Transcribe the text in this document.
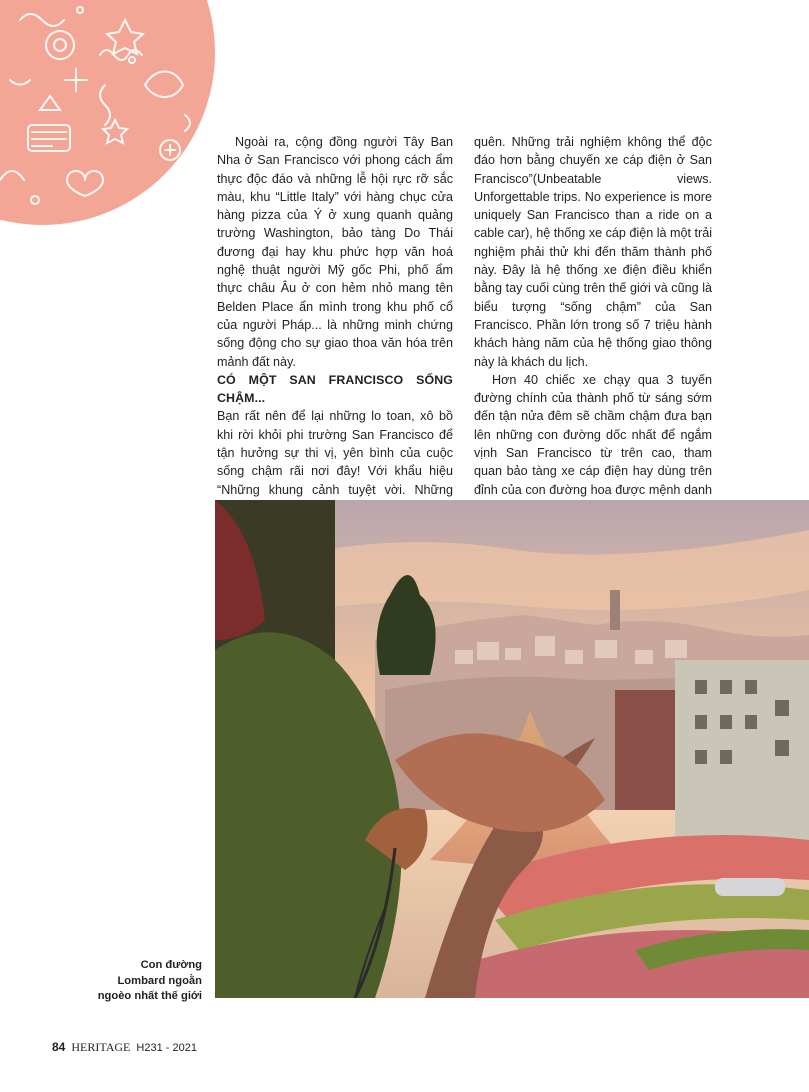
Ngoài ra, cộng đồng người Tây Ban Nha ở San Francisco với phong cách ẩm thực độc đáo và những lễ hội rực rỡ sắc màu, khu “Little Italy” với hàng chục cửa hàng pizza của Ý ở xung quanh quảng trường Washington, bảo tàng Do Thái đương đại hay khu phức hợp văn hoá nghệ thuật người Mỹ gốc Phi, phố ẩm thực châu Âu ở con hẻm nhỏ mang tên Belden Place ẩn mình trong khu phố cổ của người Pháp... là những minh chứng sống động cho sự giao thoa văn hóa trên mảnh đất này.

CÓ MỘT SAN FRANCISCO SỐNG CHẬM...

Bạn rất nên để lại những lo toan, xô bồ khi rời khỏi phi trường San Francisco để tận hưởng sự thi vị, yên bình của cuộc sống chậm rãi nơi đây! Với khẩu hiệu “Những khung cảnh tuyệt vời. Những

quên. Những trải nghiệm không thể độc đáo hơn bằng chuyến xe cáp điện ở San Francisco”(Unbeatable views. Unforgettable trips. No experience is more uniquely San Francisco than a ride on a cable car), hệ thống xe cáp điện là một trải nghiệm phải thử khi đến thăm thành phố này. Đây là hệ thống xe điện điều khiển bằng tay cuối cùng trên thế giới và cũng là biểu tượng “sống chậm” của San Francisco. Phần lớn trong số 7 triệu hành khách hàng năm của hệ thống giao thông này là khách du lịch.

Hơn 40 chiếc xe chạy qua 3 tuyến đường chính của thành phố từ sáng sớm đến tận nửa đêm sẽ chầm chậm đưa bạn lên những con đường dốc nhất để ngắm vịnh San Francisco từ trên cao, tham quan bảo tàng xe cáp điện hay dùng trên đỉnh của con đường hoa được mệnh danh

Con đường Lombard ngoằn ngoèo nhất thế giới
84 HERITAGE H231 - 2021
